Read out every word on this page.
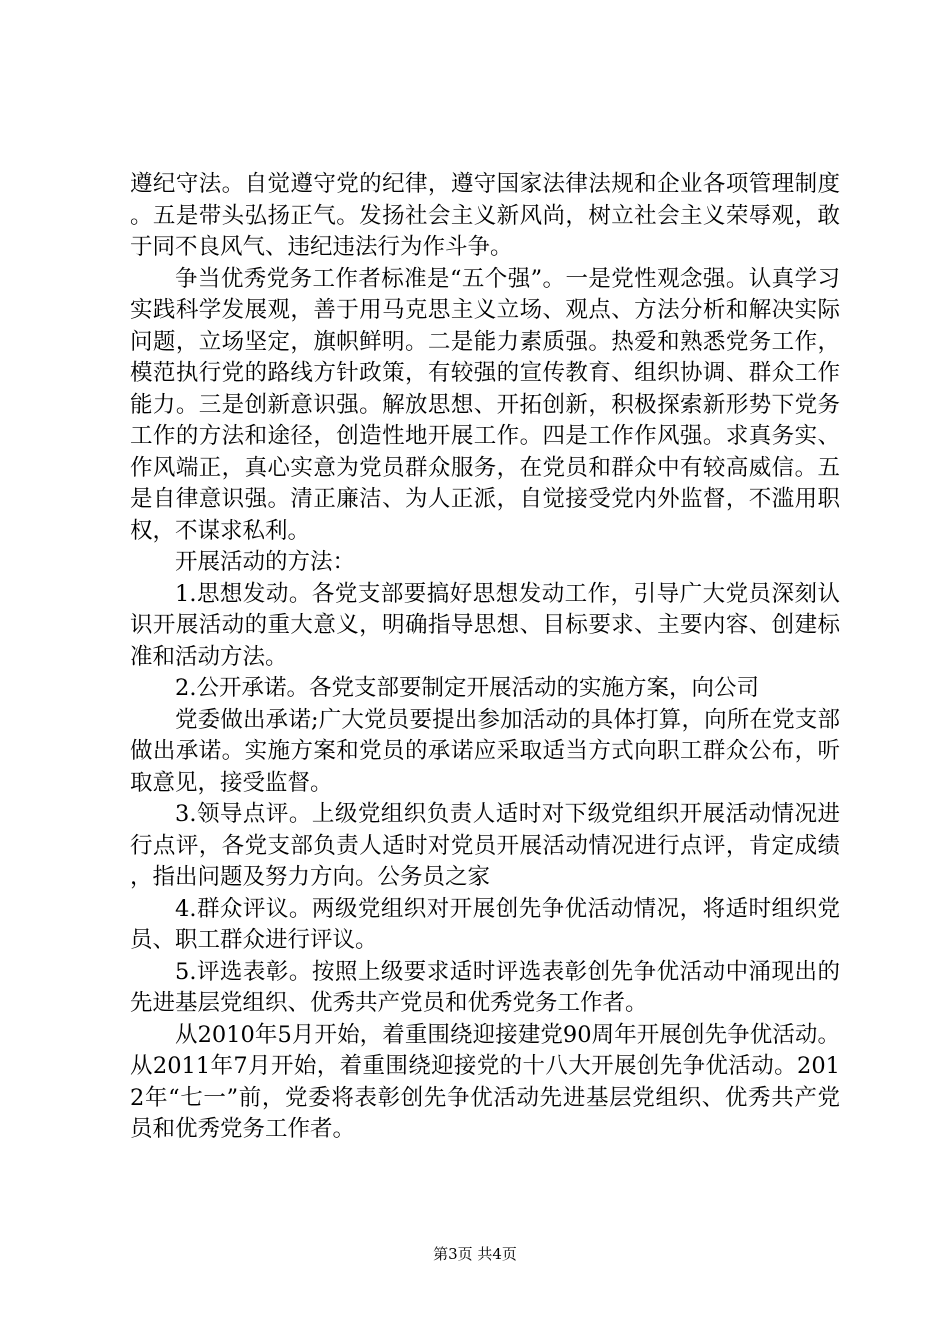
遵纪守法。自觉遵守党的纪律，遵守国家法律法规和企业各项管理制度。五是带头弘扬正气。发扬社会主义新风尚，树立社会主义荣辱观，敢于同不良风气、违纪违法行为作斗争。

争当优秀党务工作者标准是“五个强”。一是党性观念强。认真学习实践科学发展观，善于用马克思主义立场、观点、方法分析和解决实际问题，立场坚定，旗帜鲜明。二是能力素质强。热爱和熟悉党务工作，模范执行党的路线方针政策，有较强的宣传教育、组织协调、群众工作能力。三是创新意识强。解放思想、开拓创新，积极探索新形势下党务工作的方法和途径，创造性地开展工作。四是工作作风强。求真务实、作风端正，真心实意为党员群众服务，在党员和群众中有较高威信。五是自律意识强。清正廉洁、为人正派，自觉接受党内外监督，不滥用职权，不谋求私利。

开展活动的方法：

1.思想发动。各党支部要搞好思想发动工作，引导广大党员深刻认识开展活动的重大意义，明确指导思想、目标要求、主要内容、创建标准和活动方法。

2.公开承诺。各党支部要制定开展活动的实施方案，向公司

党委做出承诺;广大党员要提出参加活动的具体打算，向所在党支部做出承诺。实施方案和党员的承诺应采取适当方式向职工群众公布，听取意见，接受监督。

3.领导点评。上级党组织负责人适时对下级党组织开展活动情况进行点评，各党支部负责人适时对党员开展活动情况进行点评，肯定成绩，指出问题及努力方向。公务员之家

4.群众评议。两级党组织对开展创先争优活动情况，将适时组织党员、职工群众进行评议。

5.评选表彰。按照上级要求适时评选表彰创先争优活动中涌现出的先进基层党组织、优秀共产党员和优秀党务工作者。

从2010年5月开始，着重围绕迎接建党90周年开展创先争优活动。从2011年7月开始，着重围绕迎接党的十八大开展创先争优活动。2012年“七一”前，党委将表彰创先争优活动先进基层党组织、优秀共产党员和优秀党务工作者。

第3页 共4页
